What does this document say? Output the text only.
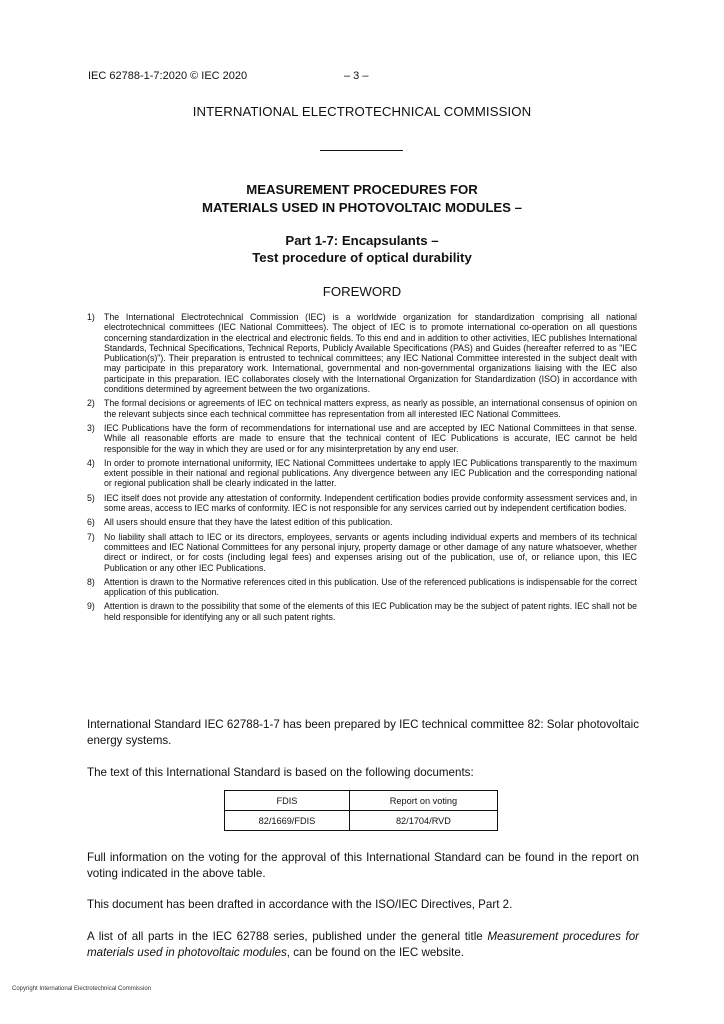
IEC 62788-1-7:2020 © IEC 2020	– 3 –
INTERNATIONAL ELECTROTECHNICAL COMMISSION
MEASUREMENT PROCEDURES FOR
MATERIALS USED IN PHOTOVOLTAIC MODULES –
Part 1-7: Encapsulants –
Test procedure of optical durability
FOREWORD
1) The International Electrotechnical Commission (IEC) is a worldwide organization for standardization comprising all national electrotechnical committees (IEC National Committees). The object of IEC is to promote international co-operation on all questions concerning standardization in the electrical and electronic fields. To this end and in addition to other activities, IEC publishes International Standards, Technical Specifications, Technical Reports, Publicly Available Specifications (PAS) and Guides (hereafter referred to as "IEC Publication(s)"). Their preparation is entrusted to technical committees; any IEC National Committee interested in the subject dealt with may participate in this preparatory work. International, governmental and non-governmental organizations liaising with the IEC also participate in this preparation. IEC collaborates closely with the International Organization for Standardization (ISO) in accordance with conditions determined by agreement between the two organizations.
2) The formal decisions or agreements of IEC on technical matters express, as nearly as possible, an international consensus of opinion on the relevant subjects since each technical committee has representation from all interested IEC National Committees.
3) IEC Publications have the form of recommendations for international use and are accepted by IEC National Committees in that sense. While all reasonable efforts are made to ensure that the technical content of IEC Publications is accurate, IEC cannot be held responsible for the way in which they are used or for any misinterpretation by any end user.
4) In order to promote international uniformity, IEC National Committees undertake to apply IEC Publications transparently to the maximum extent possible in their national and regional publications. Any divergence between any IEC Publication and the corresponding national or regional publication shall be clearly indicated in the latter.
5) IEC itself does not provide any attestation of conformity. Independent certification bodies provide conformity assessment services and, in some areas, access to IEC marks of conformity. IEC is not responsible for any services carried out by independent certification bodies.
6) All users should ensure that they have the latest edition of this publication.
7) No liability shall attach to IEC or its directors, employees, servants or agents including individual experts and members of its technical committees and IEC National Committees for any personal injury, property damage or other damage of any nature whatsoever, whether direct or indirect, or for costs (including legal fees) and expenses arising out of the publication, use of, or reliance upon, this IEC Publication or any other IEC Publications.
8) Attention is drawn to the Normative references cited in this publication. Use of the referenced publications is indispensable for the correct application of this publication.
9) Attention is drawn to the possibility that some of the elements of this IEC Publication may be the subject of patent rights. IEC shall not be held responsible for identifying any or all such patent rights.

International Standard IEC 62788-1-7 has been prepared by IEC technical committee 82: Solar photovoltaic energy systems.

The text of this International Standard is based on the following documents:

FDIS	Report on voting
82/1669/FDIS	82/1704/RVD

Full information on the voting for the approval of this International Standard can be found in the report on voting indicated in the above table.

This document has been drafted in accordance with the ISO/IEC Directives, Part 2.

A list of all parts in the IEC 62788 series, published under the general title Measurement procedures for materials used in photovoltaic modules, can be found on the IEC website.

Copyright International Electrotechnical Commission
